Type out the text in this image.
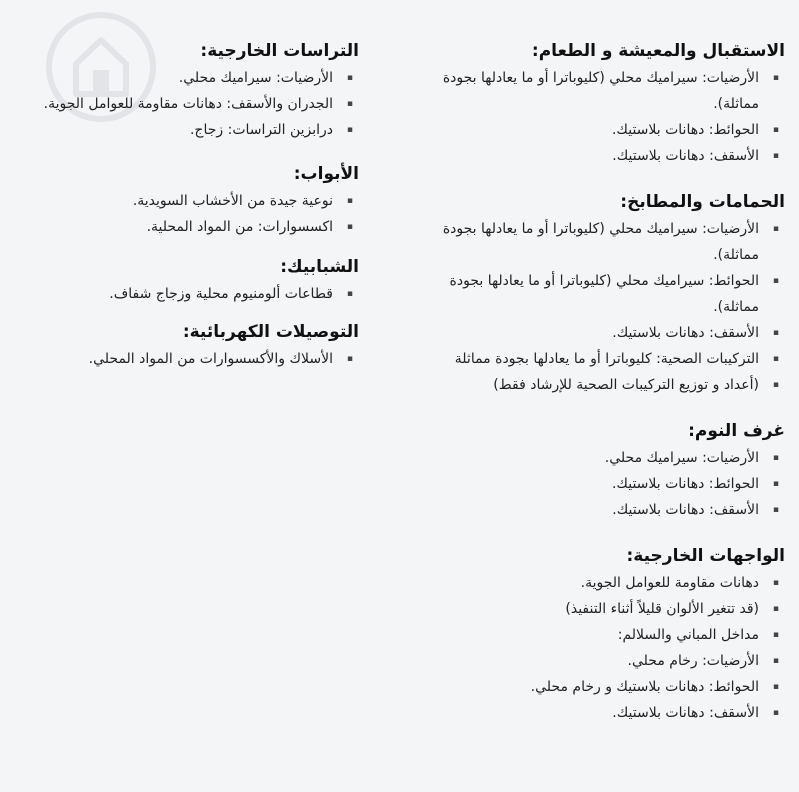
الاستقبال والمعيشة و الطعام:
▪ الأرضيات: سيراميك محلي (كليوباترا أو ما يعادلها بجودة مماثلة).
▪ الحوائط: دهانات بلاستيك.
▪ الأسقف: دهانات بلاستيك.
الحمامات والمطابخ:
▪ الأرضيات: سيراميك محلي (كليوباترا أو ما يعادلها بجودة مماثلة).
▪ الحوائط: سيراميك محلي (كليوباترا أو ما يعادلها بجودة مماثلة).
▪ الأسقف: دهانات بلاستيك.
▪ التركيبات الصحية: كليوباترا أو ما يعادلها بجودة مماثلة
▪ (أعداد و توزيع التركيبات الصحية للإرشاد فقط)
غرف النوم:
▪ الأرضيات: سيراميك محلي.
▪ الحوائط: دهانات بلاستيك.
▪ الأسقف: دهانات بلاستيك.
الواجهات الخارجية:
▪ دهانات مقاومة للعوامل الجوية.
▪ (قد تتغير الألوان قليلاً أثناء التنفيذ)
▪ مداخل المباني والسلالم:
▪ الأرضيات: رخام محلي.
▪ الحوائط: دهانات بلاستيك و رخام محلي.
▪ الأسقف: دهانات بلاستيك.
التراسات الخارجية:
▪ الأرضيات: سيراميك محلي.
▪ الجدران والأسقف: دهانات مقاومة للعوامل الجوية.
▪ درابزين التراسات: زجاج.
الأبواب:
▪ نوعية جيدة من الأخشاب السويدية.
▪ اكسسوارات: من المواد المحلية.
الشبابيك:
▪ قطاعات ألومنيوم محلية وزجاج شفاف.
التوصيلات الكهربائية:
▪ الأسلاك والأكسسوارات من المواد المحلي.
